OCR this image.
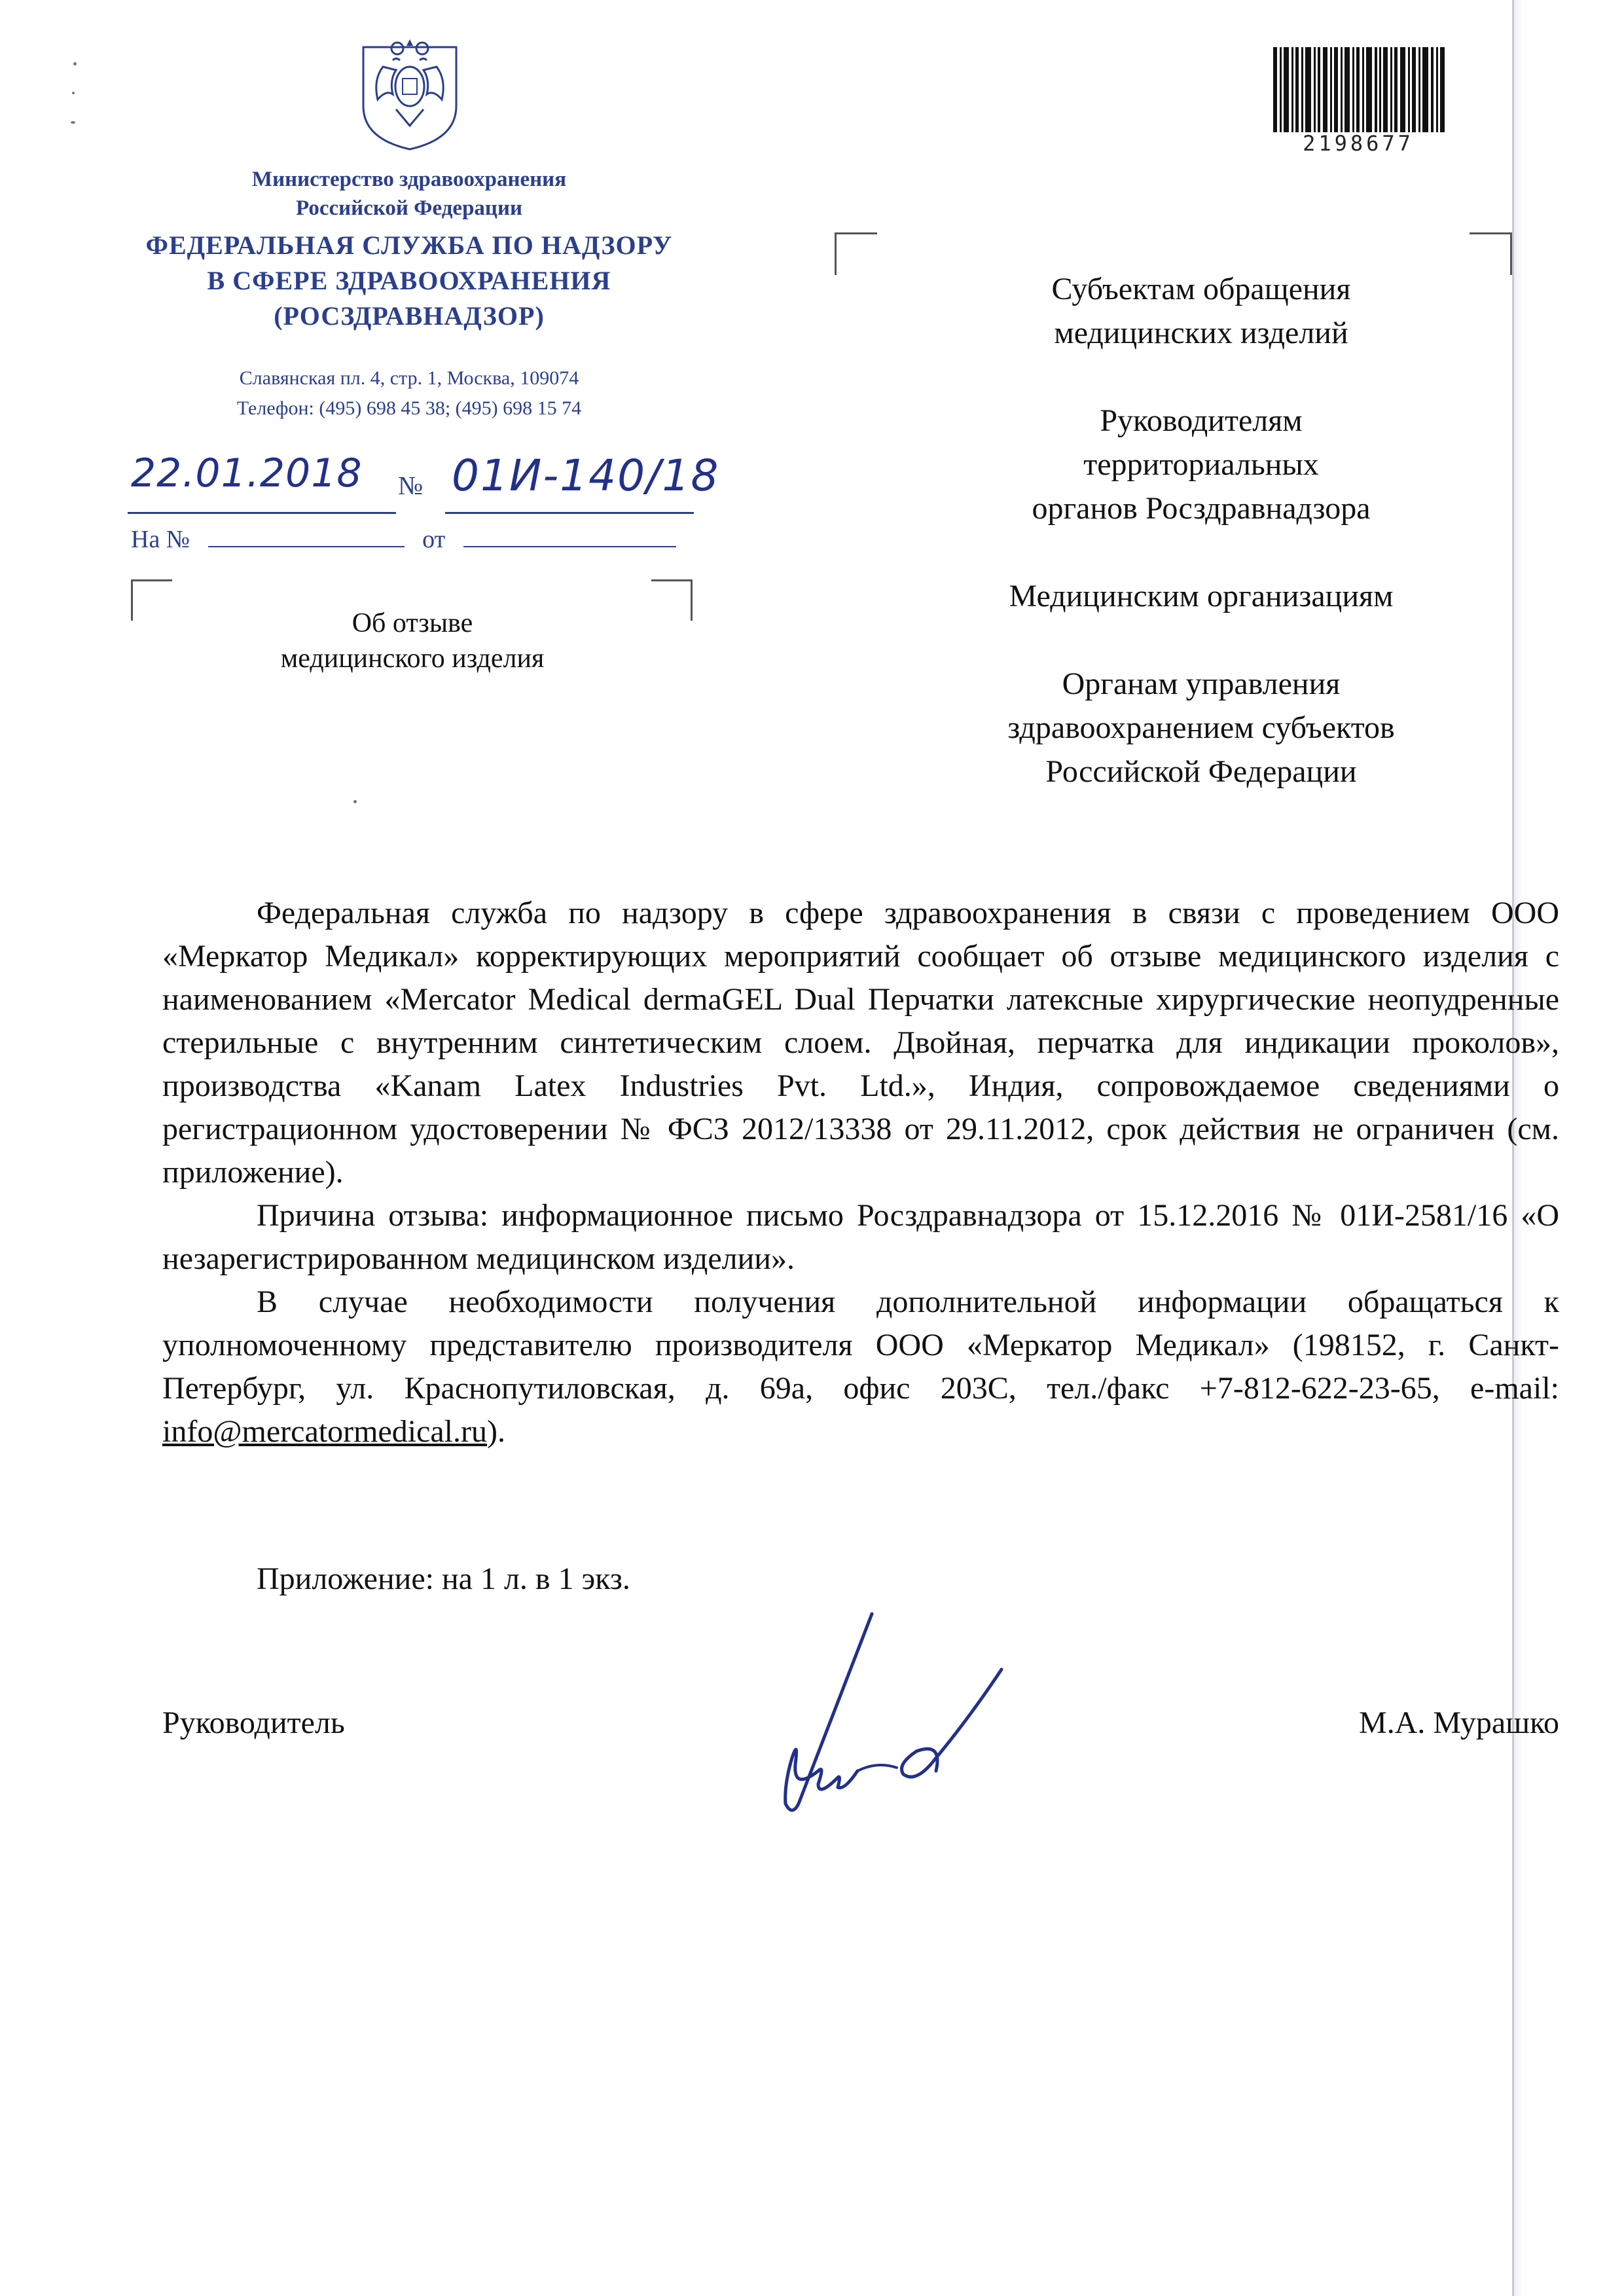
Министерство здравоохранения
Российской Федерации
ФЕДЕРАЛЬНАЯ СЛУЖБА ПО НАДЗОРУ
В СФЕРЕ ЗДРАВООХРАНЕНИЯ
(РОСЗДРАВНАДЗОР)
Славянская пл. 4, стр. 1, Москва, 109074
Телефон: (495) 698 45 38; (495) 698 15 74
22.01.2018 № 01И-140/18
На №	от
Об отзыве
медицинского изделия
2198677

Субъектам обращения
медицинских изделий

Руководителям
территориальных
органов Росздравнадзора

Медицинским организациям

Органам управления
здравоохранением субъектов
Российской Федерации

Федеральная служба по надзору в сфере здравоохранения в связи с проведением ООО «Меркатор Медикал» корректирующих мероприятий сообщает об отзыве медицинского изделия с наименованием «Mercator Medical dermaGEL Dual Перчатки латексные хирургические неопудренные стерильные с внутренним синтетическим слоем. Двойная, перчатка для индикации проколов», производства «Kanam Latex Industries Pvt. Ltd.», Индия, сопровождаемое сведениями о регистрационном удостоверении № ФСЗ 2012/13338 от 29.11.2012, срок действия не ограничен (см. приложение).

Причина отзыва: информационное письмо Росздравнадзора от 15.12.2016 № 01И-2581/16 «О незарегистрированном медицинском изделии».

В случае необходимости получения дополнительной информации обращаться к уполномоченному представителю производителя ООО «Меркатор Медикал» (198152, г. Санкт-Петербург, ул. Краснопутиловская, д. 69а, офис 203С, тел./факс +7-812-622-23-65, e-mail: info@mercatormedical.ru).

Приложение: на 1 л. в 1 экз.
Руководитель	М.А. Мурашко
